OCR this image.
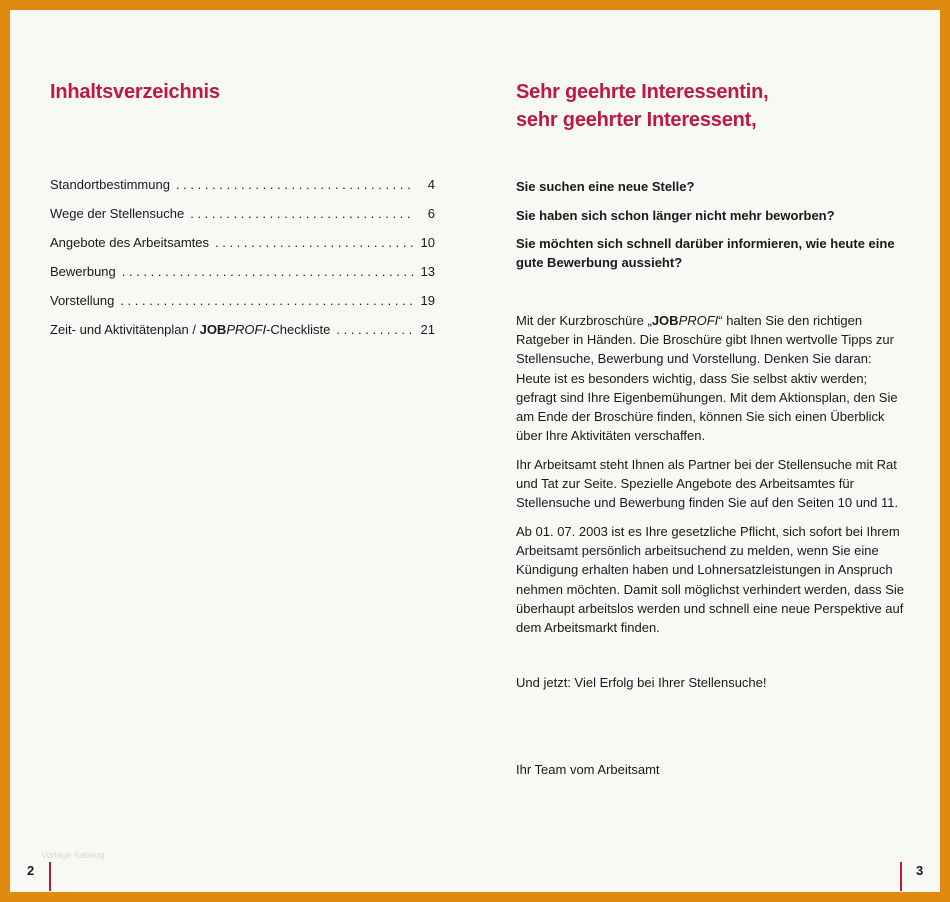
Inhaltsverzeichnis
Standortbestimmung . . .	4
Wege der Stellensuche . . .	6
Angebote des Arbeitsamtes . . .	10
Bewerbung . . .	13
Vorstellung . . .	19
Zeit- und Aktivitätenplan / JOBPROFI-Checkliste . . .	21
Vorlage Katalog
2
Sehr geehrte Interessentin,
sehr geehrter Interessent,

Sie suchen eine neue Stelle?

Sie haben sich schon länger nicht mehr beworben?

Sie möchten sich schnell darüber informieren, wie heute eine gute Bewerbung aussieht?

Mit der Kurzbroschüre „JOBPROFI“ halten Sie den richtigen Ratgeber in Händen. Die Broschüre gibt Ihnen wertvolle Tipps zur Stellensuche, Bewerbung und Vorstellung. Denken Sie daran: Heute ist es besonders wichtig, dass Sie selbst aktiv werden; gefragt sind Ihre Eigenbemühungen. Mit dem Aktionsplan, den Sie am Ende der Broschüre finden, können Sie sich einen Überblick über Ihre Aktivitäten verschaffen.

Ihr Arbeitsamt steht Ihnen als Partner bei der Stellensuche mit Rat und Tat zur Seite. Spezielle Angebote des Arbeitsamtes für Stellensuche und Bewerbung finden Sie auf den Seiten 10 und 11.

Ab 01. 07. 2003 ist es Ihre gesetzliche Pflicht, sich sofort bei Ihrem Arbeitsamt persönlich arbeitsuchend zu melden, wenn Sie eine Kündigung erhalten haben und Lohnersatzleistungen in Anspruch nehmen möchten. Damit soll möglichst verhindert werden, dass Sie überhaupt arbeitslos werden und schnell eine neue Perspektive auf dem Arbeitsmarkt finden.

Und jetzt: Viel Erfolg bei Ihrer Stellensuche!
Ihr Team vom Arbeitsamt
3
